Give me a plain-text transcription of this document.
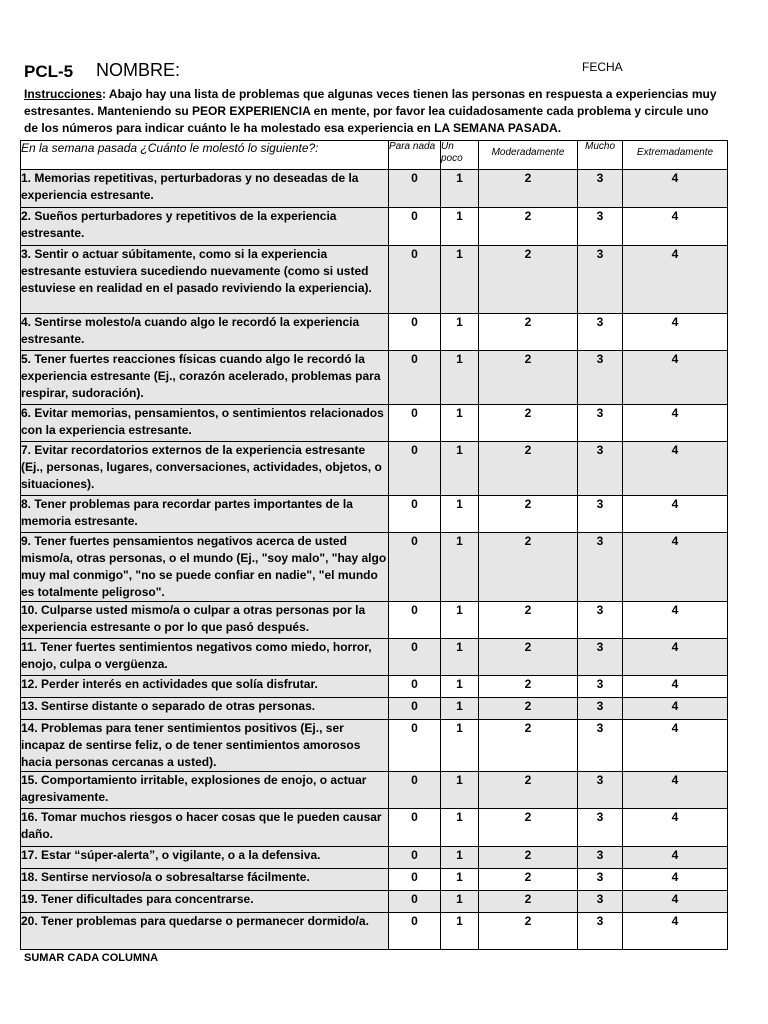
PCL-5 NOMBRE:	FECHA
Instrucciones: Abajo hay una lista de problemas que algunas veces tienen las personas en respuesta a experiencias muy estresantes. Manteniendo su PEOR EXPERIENCIA en mente, por favor lea cuidadosamente cada problema y circule uno de los números para indicar cuánto le ha molestado esa experiencia en LA SEMANA PASADA.
En la semana pasada ¿Cuánto le molestó lo siguiente?:	Para nada	Un poco	Moderadamente	Mucho	Extremadamente
1. Memorias repetitivas, perturbadoras y no deseadas de la experiencia estresante.	0	1	2	3	4
2. Sueños perturbadores y repetitivos de la experiencia estresante.	0	1	2	3	4
3. Sentir o actuar súbitamente, como si la experiencia estresante estuviera sucediendo nuevamente (como si usted estuviese en realidad en el pasado reviviendo la experiencia).	0	1	2	3	4
4. Sentirse molesto/a cuando algo le recordó la experiencia estresante.	0	1	2	3	4
5. Tener fuertes reacciones físicas cuando algo le recordó la experiencia estresante (Ej., corazón acelerado, problemas para respirar, sudoración).	0	1	2	3	4
6. Evitar memorias, pensamientos, o sentimientos relacionados con la experiencia estresante.	0	1	2	3	4
7. Evitar recordatorios externos de la experiencia estresante (Ej., personas, lugares, conversaciones, actividades, objetos, o situaciones).	0	1	2	3	4
8. Tener problemas para recordar partes importantes de la memoria estresante.	0	1	2	3	4
9. Tener fuertes pensamientos negativos acerca de usted mismo/a, otras personas, o el mundo (Ej., "soy malo", "hay algo muy mal conmigo", "no se puede confiar en nadie", "el mundo es totalmente peligroso".	0	1	2	3	4
10. Culparse usted mismo/a o culpar a otras personas por la experiencia estresante o por lo que pasó después.	0	1	2	3	4
11. Tener fuertes sentimientos negativos como miedo, horror, enojo, culpa o vergüenza.	0	1	2	3	4
12. Perder interés en actividades que solía disfrutar.	0	1	2	3	4
13. Sentirse distante o separado de otras personas.	0	1	2	3	4
14. Problemas para tener sentimientos positivos (Ej., ser incapaz de sentirse feliz, o de tener sentimientos amorosos hacia personas cercanas a usted).	0	1	2	3	4
15. Comportamiento irritable, explosiones de enojo, o actuar agresivamente.	0	1	2	3	4
16. Tomar muchos riesgos o hacer cosas que le pueden causar daño.	0	1	2	3	4
17. Estar “súper-alerta”, o vigilante, o a la defensiva.	0	1	2	3	4
18. Sentirse nervioso/a o sobresaltarse fácilmente.	0	1	2	3	4
19. Tener dificultades para concentrarse.	0	1	2	3	4
20. Tener problemas para quedarse o permanecer dormido/a.	0	1	2	3	4
SUMAR CADA COLUMNA
